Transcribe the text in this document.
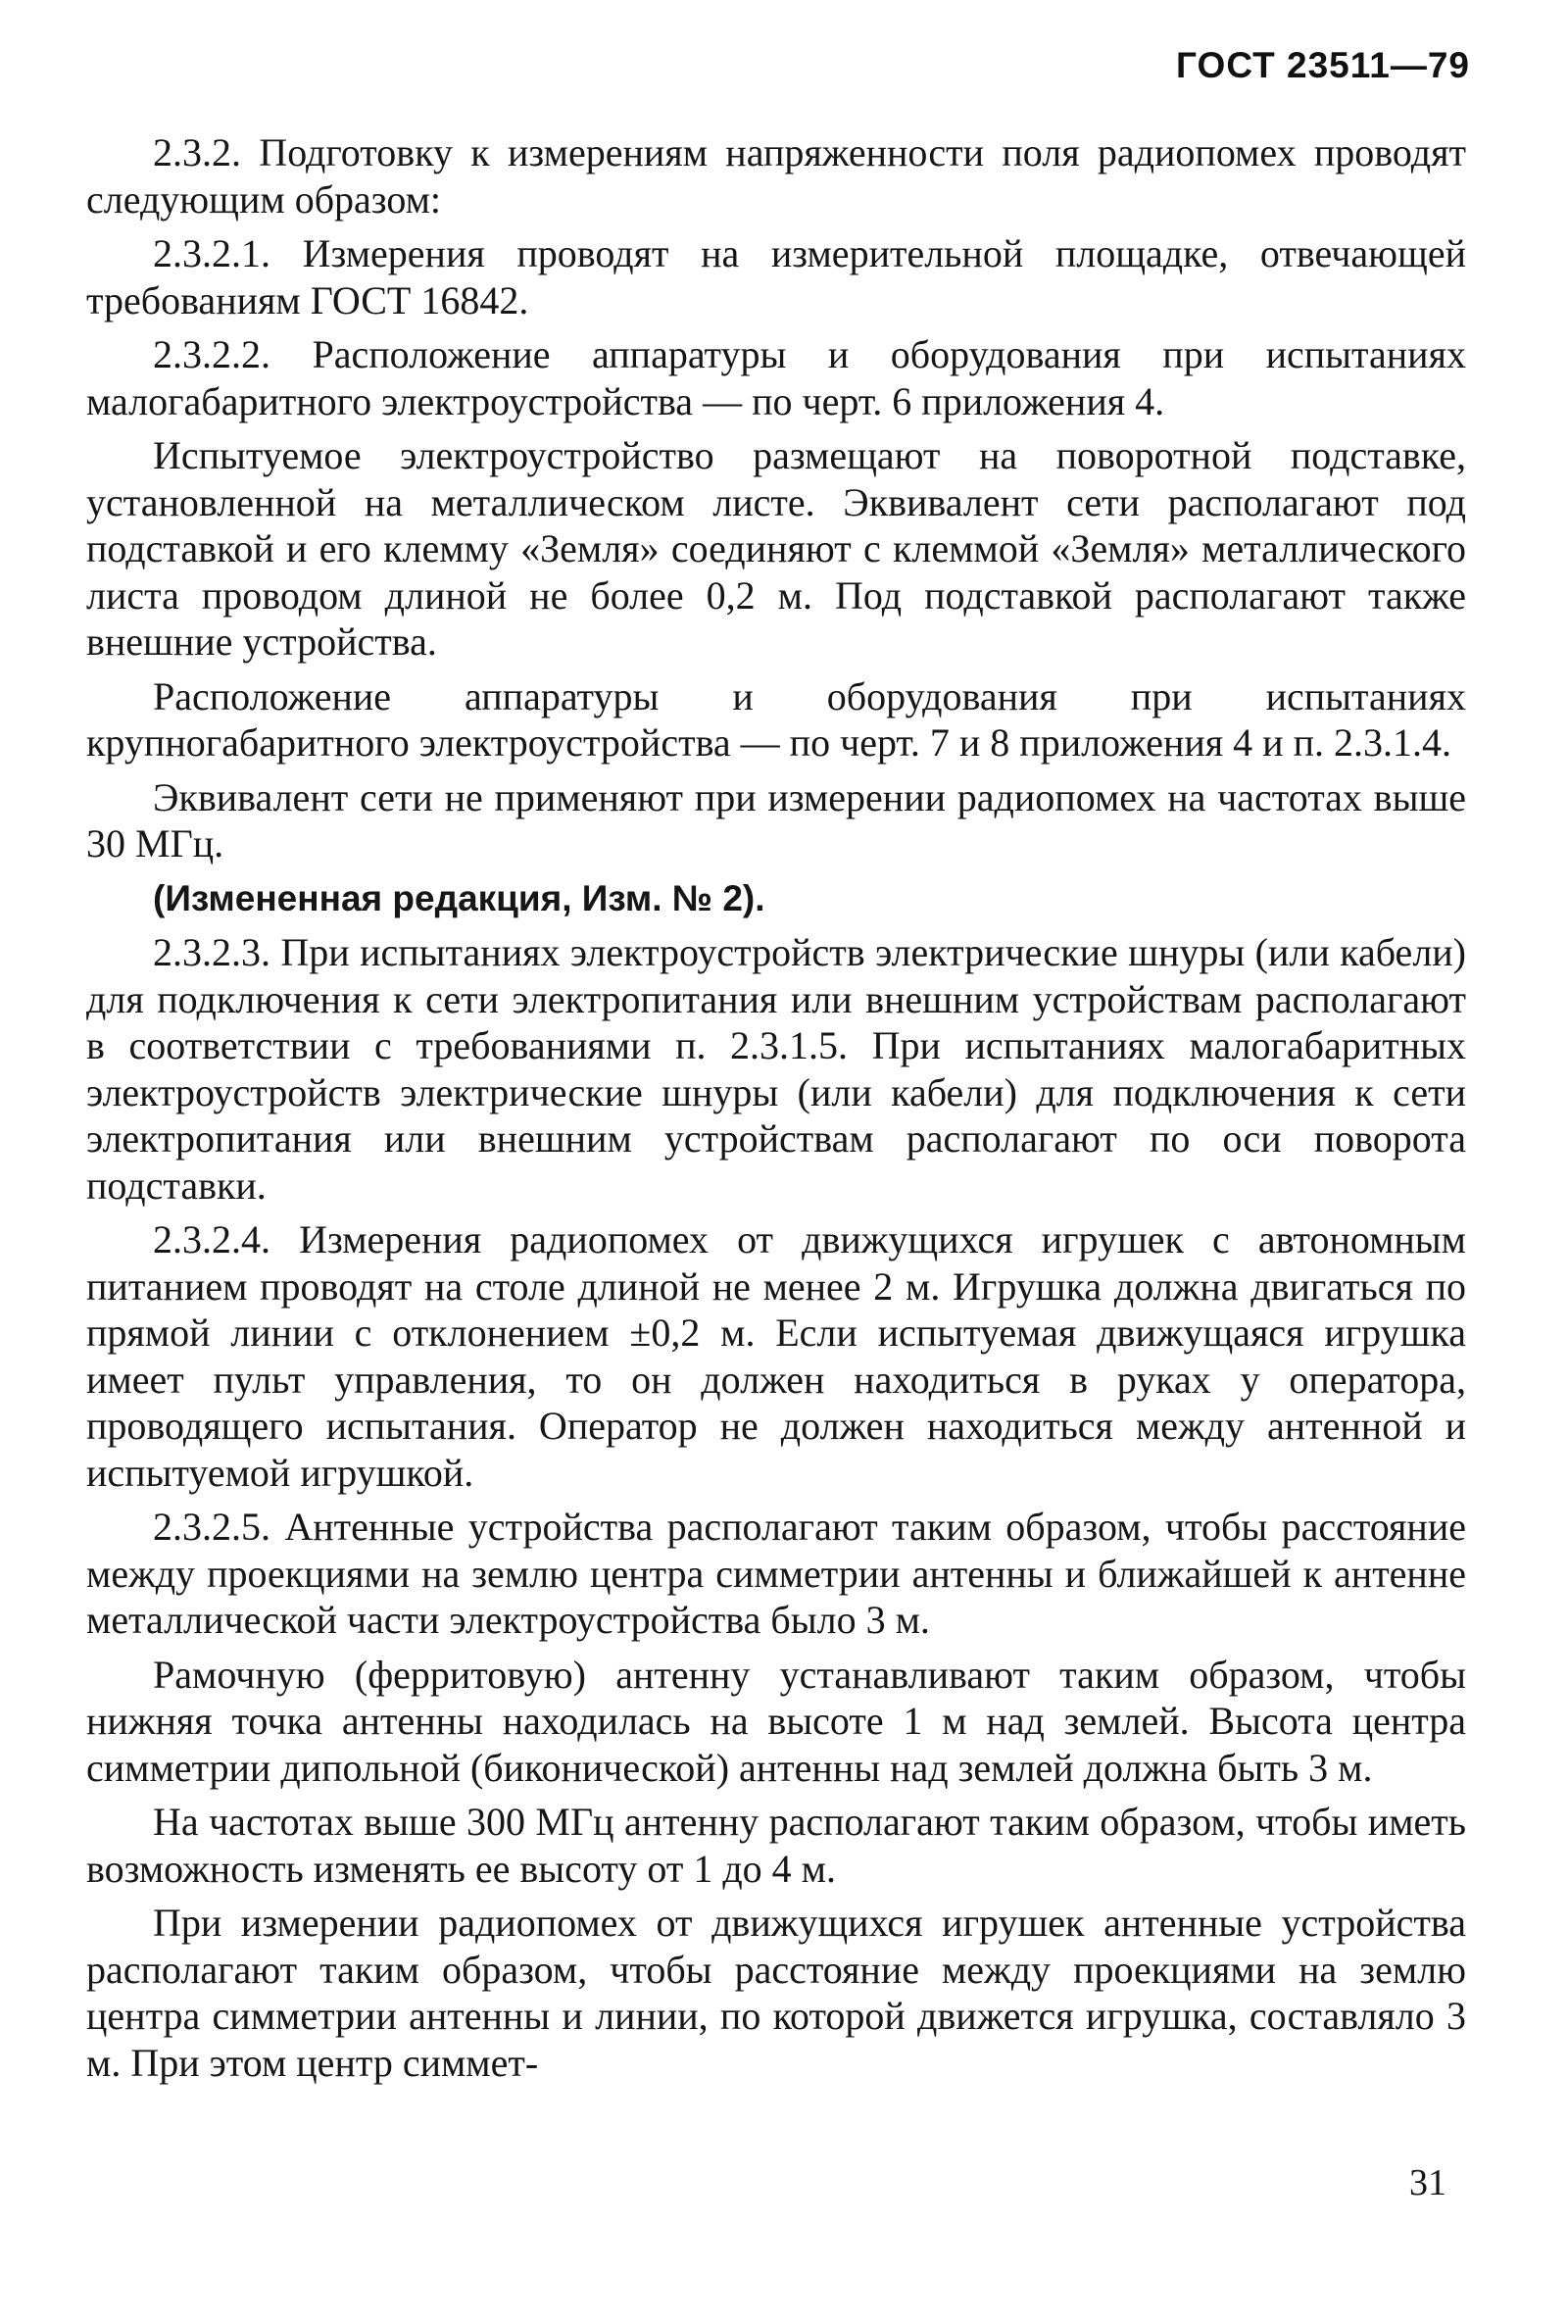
ГОСТ 23511—79

2.3.2. Подготовку к измерениям напряженности поля радиопомех проводят следующим образом:

2.3.2.1. Измерения проводят на измерительной площадке, отвечающей требованиям ГОСТ 16842.

2.3.2.2. Расположение аппаратуры и оборудования при испытаниях малогабаритного электроустройства — по черт. 6 приложения 4.

Испытуемое электроустройство размещают на поворотной подставке, установленной на металлическом листе. Эквивалент сети располагают под подставкой и его клемму «Земля» соединяют с клеммой «Земля» металлического листа проводом длиной не более 0,2 м. Под подставкой располагают также внешние устройства.

Расположение аппаратуры и оборудования при испытаниях крупногабаритного электроустройства — по черт. 7 и 8 приложения 4 и п. 2.3.1.4.

Эквивалент сети не применяют при измерении радиопомех на частотах выше 30 МГц.

(Измененная редакция, Изм. № 2).

2.3.2.3. При испытаниях электроустройств электрические шнуры (или кабели) для подключения к сети электропитания или внешним устройствам располагают в соответствии с требованиями п. 2.3.1.5. При испытаниях малогабаритных электроустройств электрические шнуры (или кабели) для подключения к сети электропитания или внешним устройствам располагают по оси поворота подставки.

2.3.2.4. Измерения радиопомех от движущихся игрушек с автономным питанием проводят на столе длиной не менее 2 м. Игрушка должна двигаться по прямой линии с отклонением ±0,2 м. Если испытуемая движущаяся игрушка имеет пульт управления, то он должен находиться в руках у оператора, проводящего испытания. Оператор не должен находиться между антенной и испытуемой игрушкой.

2.3.2.5. Антенные устройства располагают таким образом, чтобы расстояние между проекциями на землю центра симметрии антенны и ближайшей к антенне металлической части электроустройства было 3 м.

Рамочную (ферритовую) антенну устанавливают таким образом, чтобы нижняя точка антенны находилась на высоте 1 м над землей. Высота центра симметрии дипольной (биконической) антенны над землей должна быть 3 м.

На частотах выше 300 МГц антенну располагают таким образом, чтобы иметь возможность изменять ее высоту от 1 до 4 м.

При измерении радиопомех от движущихся игрушек антенные устройства располагают таким образом, чтобы расстояние между проекциями на землю центра симметрии антенны и линии, по которой движется игрушка, составляло 3 м. При этом центр симмет-

31
